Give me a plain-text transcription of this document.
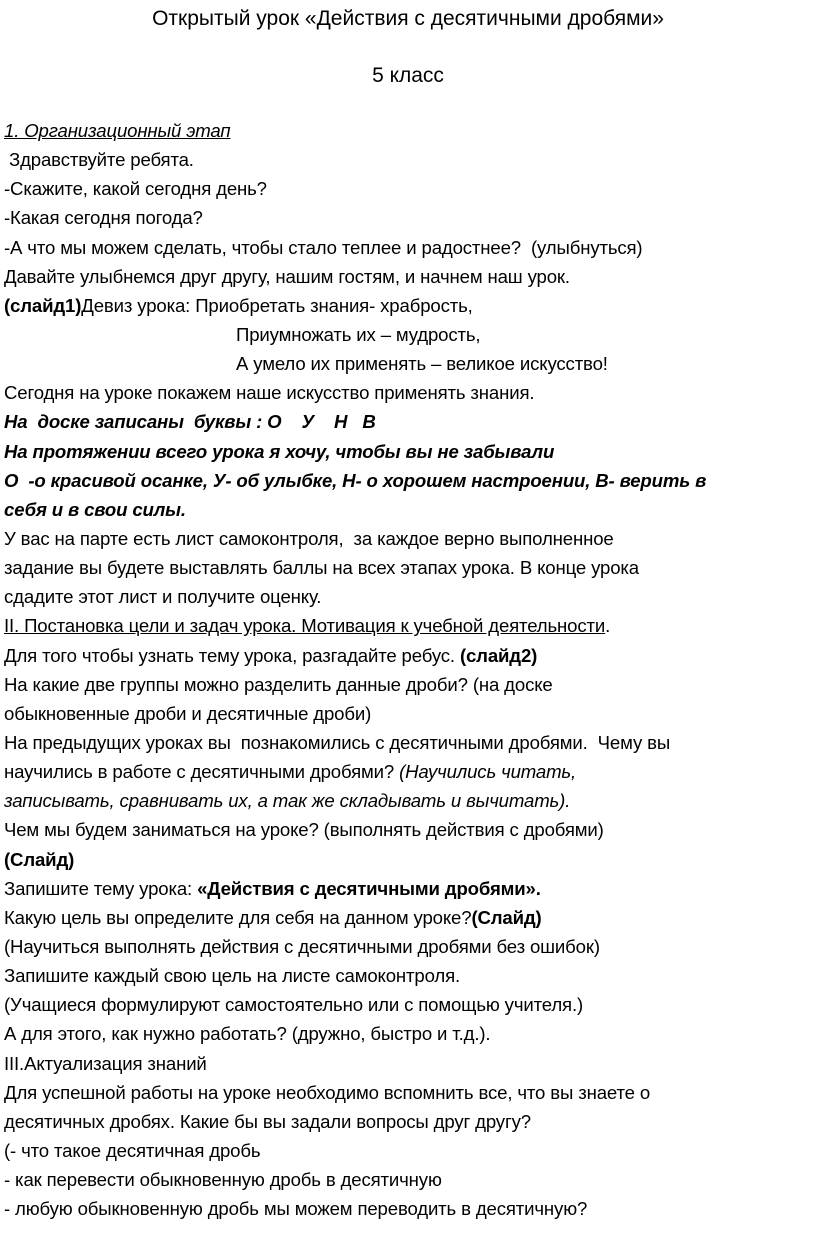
Открытый урок «Действия с десятичными дробями»
5 класс
1. Организационный этап
Здравствуйте ребята.
-Скажите, какой сегодня день?
-Какая сегодня погода?
-А что мы можем сделать, чтобы стало теплее и радостнее?  (улыбнуться)
Давайте улыбнемся друг другу, нашим гостям, и начнем наш урок.
(слайд1)Девиз урока: Приобретать знания- храбрость,
Приумножать их – мудрость,
А умело их применять – великое искусство!
Сегодня на уроке покажем наше искусство применять знания.
На  доске записаны  буквы : О    У    Н   В
На протяжении всего урока я хочу, чтобы вы не забывали
О  -о красивой осанке, У- об улыбке, Н- о хорошем настроении, В- верить в
себя и в свои силы.
У вас на парте есть лист самоконтроля,  за каждое верно выполненное
задание вы будете выставлять баллы на всех этапах урока. В конце урока
сдадите этот лист и получите оценку.
II. Постановка цели и задач урока. Мотивация к учебной деятельности.
Для того чтобы узнать тему урока, разгадайте ребус. (слайд2)
На какие две группы можно разделить данные дроби? (на доске
обыкновенные дроби и десятичные дроби)
На предыдущих уроках вы  познакомились с десятичными дробями.  Чему вы
научились в работе с десятичными дробями? (Научились читать,
записывать, сравнивать их, а так же складывать и вычитать).
Чем мы будем заниматься на уроке? (выполнять действия с дробями)
(Слайд)
Запишите тему урока: «Действия с десятичными дробями».
Какую цель вы определите для себя на данном уроке?(Слайд)
(Научиться выполнять действия с десятичными дробями без ошибок)
Запишите каждый свою цель на листе самоконтроля.
(Учащиеся формулируют самостоятельно или с помощью учителя.)
А для этого, как нужно работать? (дружно, быстро и т.д.).
III.Актуализация знаний
Для успешной работы на уроке необходимо вспомнить все, что вы знаете о
десятичных дробях. Какие бы вы задали вопросы друг другу?
(- что такое десятичная дробь
- как перевести обыкновенную дробь в десятичную
- любую обыкновенную дробь мы можем переводить в десятичную?
